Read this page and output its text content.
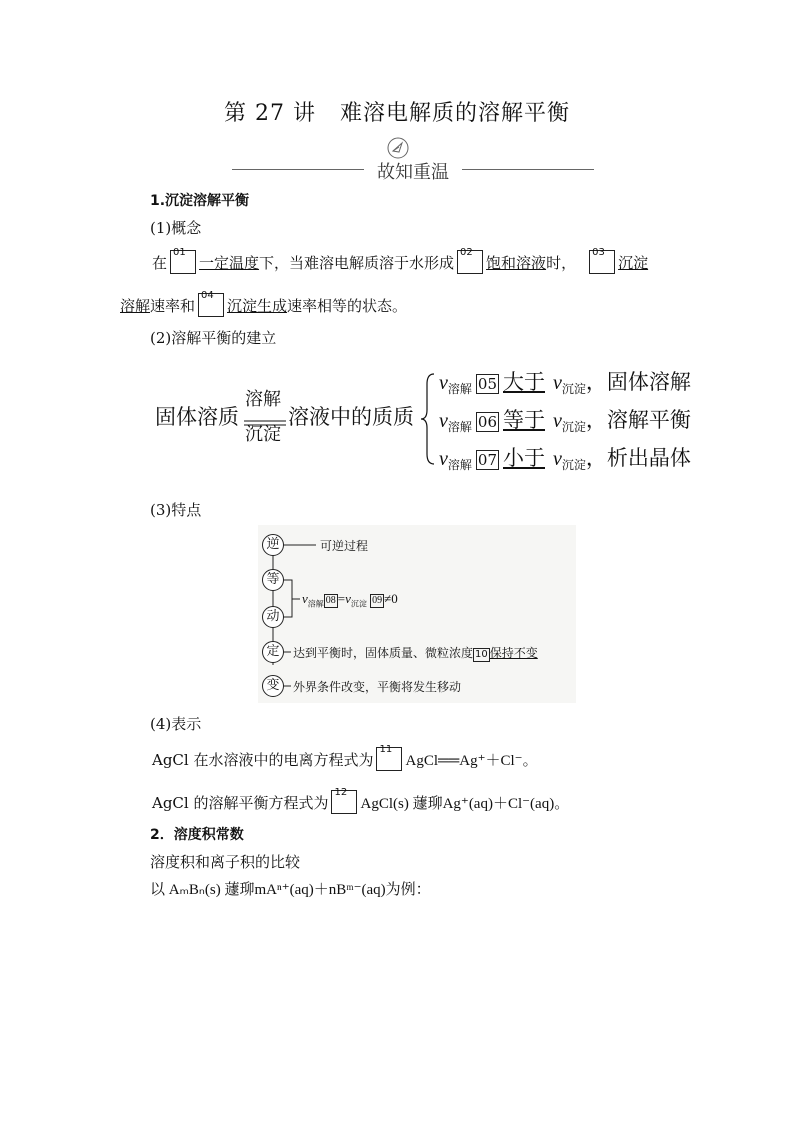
第 27 讲 难溶电解质的溶解平衡
故知重温
1.沉淀溶解平衡
(1)概念
在
01
一定温度下，当难溶电解质溶于水形成
02
饱和溶液时，
03
沉淀
溶解速率和
04
沉淀生成速率相等的状态。
(2)溶解平衡的建立
固体溶质
溶解
沉淀
溶液中的质质
$v_{溶解}$ 05 大于 $v_{沉淀}$，固体溶解
$v_{溶解}$ 06 等于 $v_{沉淀}$，溶解平衡
$v_{溶解}$ 07 小于 $v_{沉淀}$，析出晶体
(3)特点
逆
等
动
定
变
可逆过程
$v_{溶解}$ $08 =v_{沉淀}$ 09 ≠0
达到平衡时，固体质量、微粒浓度 10 保持不变
外界条件改变，平衡将发生移动
(4)表示
AgCl 在水溶液中的电离方程式为
11
AgCl══Ag⁺＋Cl⁻。
AgCl 的溶解平衡方程式为
12
AgCl(s) 蘧珋Ag⁺(aq)＋Cl⁻(aq)。
2．溶度积常数
溶度积和离子积的比较
以 AₘBₙ(s) 蘧珋mAⁿ⁺(aq)＋nBᵐ⁻(aq)为例：
